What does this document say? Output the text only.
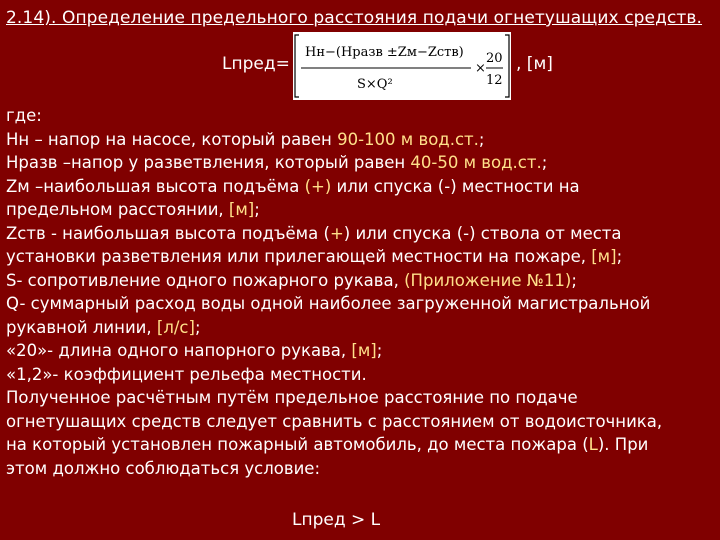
2.14). Определение предельного расстояния подачи огнетушащих средств.
Lпред=
Hн−(Hразв ±Zм−Zств)
S×Q²
×
20
12
, [м]

где:

Нн – напор на насосе, который равен 90-100 м вод.ст.;

Нразв –напор у разветвления, который равен 40-50 м вод.ст.;

Zм –наибольшая высота подъёма (+) или спуска (-) местности на

предельном расстоянии, [м];

Zств - наибольшая высота подъёма (+) или спуска (-) ствола от места

установки разветвления или прилегающей местности на пожаре, [м];

S- сопротивление одного пожарного рукава, (Приложение №11);

Q- суммарный расход воды одной наиболее загруженной магистральной

рукавной линии, [л/с];

«20»- длина одного напорного рукава, [м];

«1,2»- коэффициент рельефа местности.

Полученное расчётным путём предельное расстояние по подаче

огнетушащих средств следует сравнить с расстоянием от водоисточника,

на который установлен пожарный автомобиль, до места пожара (L). При

этом должно соблюдаться условие:

Lпред > L
